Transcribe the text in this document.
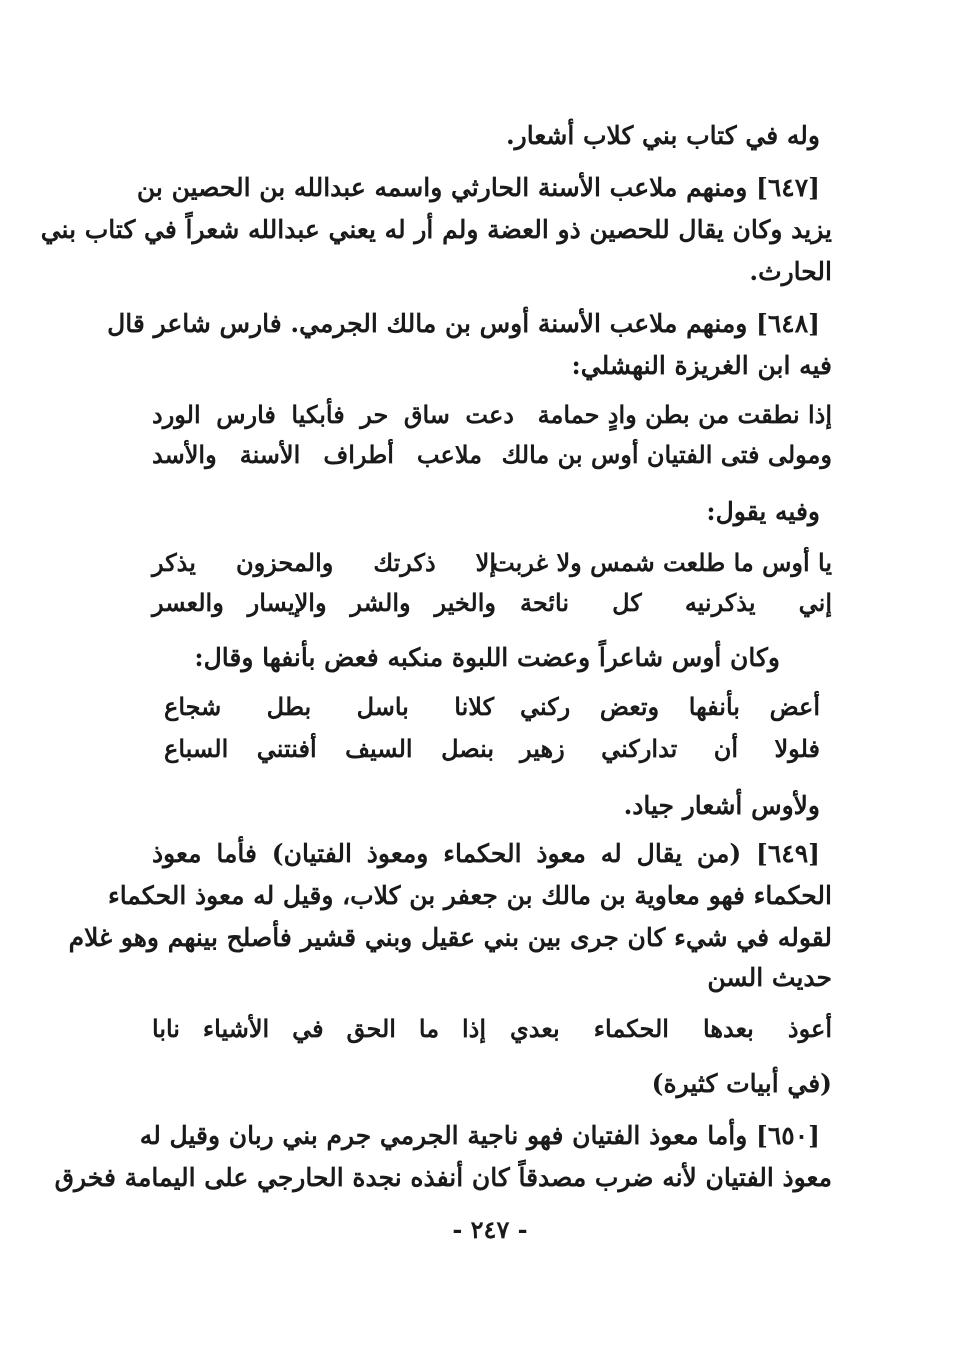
وله في كتاب بني كلاب أشعار.
[٦٤٧] ومنهم ملاعب الأسنة الحارثي واسمه عبدالله بن الحصين بن
يزيد وكان يقال للحصين ذو العضة ولم أر له يعني عبدالله شعراً في كتاب بني
الحارث.
[٦٤٨] ومنهم ملاعب الأسنة أوس بن مالك الجرمي. فارس شاعر قال
فيه ابن الغريزة النهشلي:
إذا نطقت من بطن وادٍ حمامة
دعت ساق حر فأبكيا فارس الورد
ومولى فتى الفتيان أوس بن مالك
ملاعب أطراف الأسنة والأسد
وفيه يقول:
يا أوس ما طلعت شمس ولا غربت
إلا ذكرتك والمحزون يذكر
إني يذكرنيه كل نائحة
والخير والشر والإيسار والعسر
وكان أوس شاعراً وعضت اللبوة منكبه فعض بأنفها وقال:
أعض بأنفها وتعض ركني
كلانا باسل بطل شجاع
فلولا أن تداركني زهير
بنصل السيف أفنتني السباع
ولأوس أشعار جياد.
[٦٤٩] (من يقال له معوذ الحكماء ومعوذ الفتيان) فأما معوذ
الحكماء فهو معاوية بن مالك بن جعفر بن كلاب، وقيل له معوذ الحكماء
لقوله في شيء كان جرى بين بني عقيل وبني قشير فأصلح بينهم وهو غلام
حديث السن
أعوذ بعدها الحكماء بعدي
إذا ما الحق في الأشياء نابا
(في أبيات كثيرة)
[٦٥٠] وأما معوذ الفتيان فهو ناجية الجرمي جرم بني ربان وقيل له
معوذ الفتيان لأنه ضرب مصدقاً كان أنفذه نجدة الحارجي على اليمامة فخرق
- ٢٤٧ -
